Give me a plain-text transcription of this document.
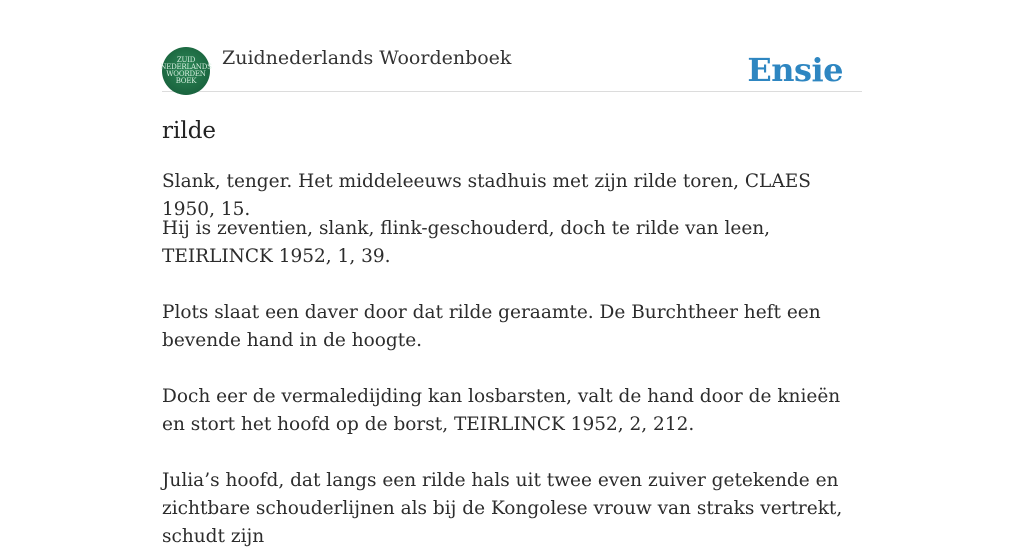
ZUID
NEDERLANDS
WOORDEN
BOEK
Zuidnederlands Woordenboek	Ensie
rilde

Slank, tenger. Het middeleeuws stadhuis met zijn rilde toren, CLAES 1950, 15.

Hij is zeventien, slank, flink-geschouderd, doch te rilde van leen, TEIRLINCK 1952, 1, 39.

Plots slaat een daver door dat rilde geraamte. De Burchtheer heft een bevende hand in de hoogte.

Doch eer de vermaledijding kan losbarsten, valt de hand door de knieën en stort het hoofd op de borst, TEIRLINCK 1952, 2, 212.

Julia’s hoofd, dat langs een rilde hals uit twee even zuiver getekende en zichtbare schouderlijnen als bij de Kongolese vrouw van straks vertrekt, schudt zijn
